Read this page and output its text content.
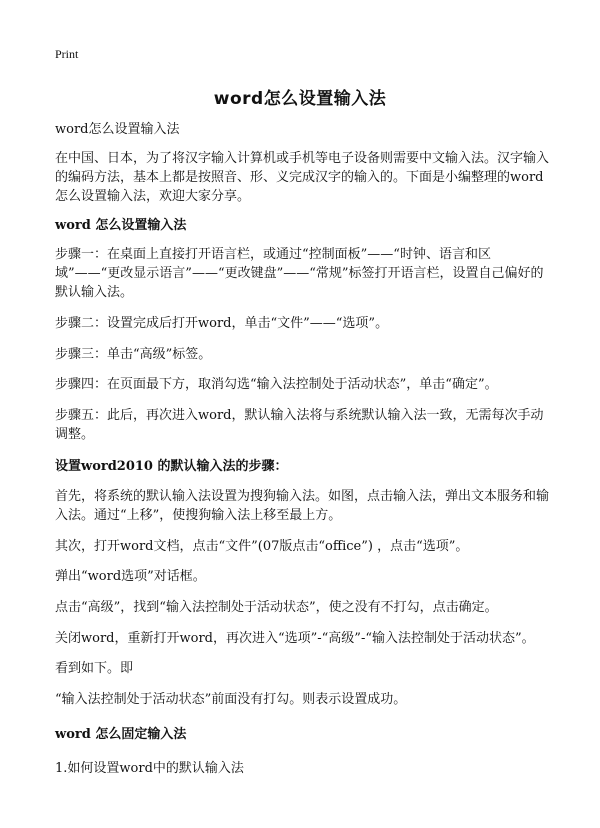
Print
word怎么设置输入法
word怎么设置输入法
在中国、日本，为了将汉字输入计算机或手机等电子设备则需要中文输入法。汉字输入的编码方法，基本上都是按照音、形、义完成汉字的输入的。下面是小编整理的word怎么设置输入法，欢迎大家分享。
word 怎么设置输入法
步骤一：在桌面上直接打开语言栏，或通过“控制面板”——“时钟、语言和区域”——“更改显示语言”——“更改键盘”——“常规”标签打开语言栏，设置自己偏好的默认输入法。
步骤二：设置完成后打开word，单击“文件”——“选项”。
步骤三：单击“高级”标签。
步骤四：在页面最下方，取消勾选“输入法控制处于活动状态”，单击“确定”。
步骤五：此后，再次进入word，默认输入法将与系统默认输入法一致，无需每次手动调整。
设置word2010 的默认输入法的步骤：
首先，将系统的默认输入法设置为搜狗输入法。如图，点击输入法，弹出文本服务和输入法。通过“上移”，使搜狗输入法上移至最上方。
其次，打开word文档，点击“文件”(07版点击“office”) ，点击“选项”。
弹出“word选项”对话框。
点击“高级”，找到“输入法控制处于活动状态”，使之没有不打勾，点击确定。
关闭word，重新打开word，再次进入“选项”-“高级”-“输入法控制处于活动状态”。
看到如下。即
“输入法控制处于活动状态”前面没有打勾。则表示设置成功。
word 怎么固定输入法
1.如何设置word中的默认输入法
